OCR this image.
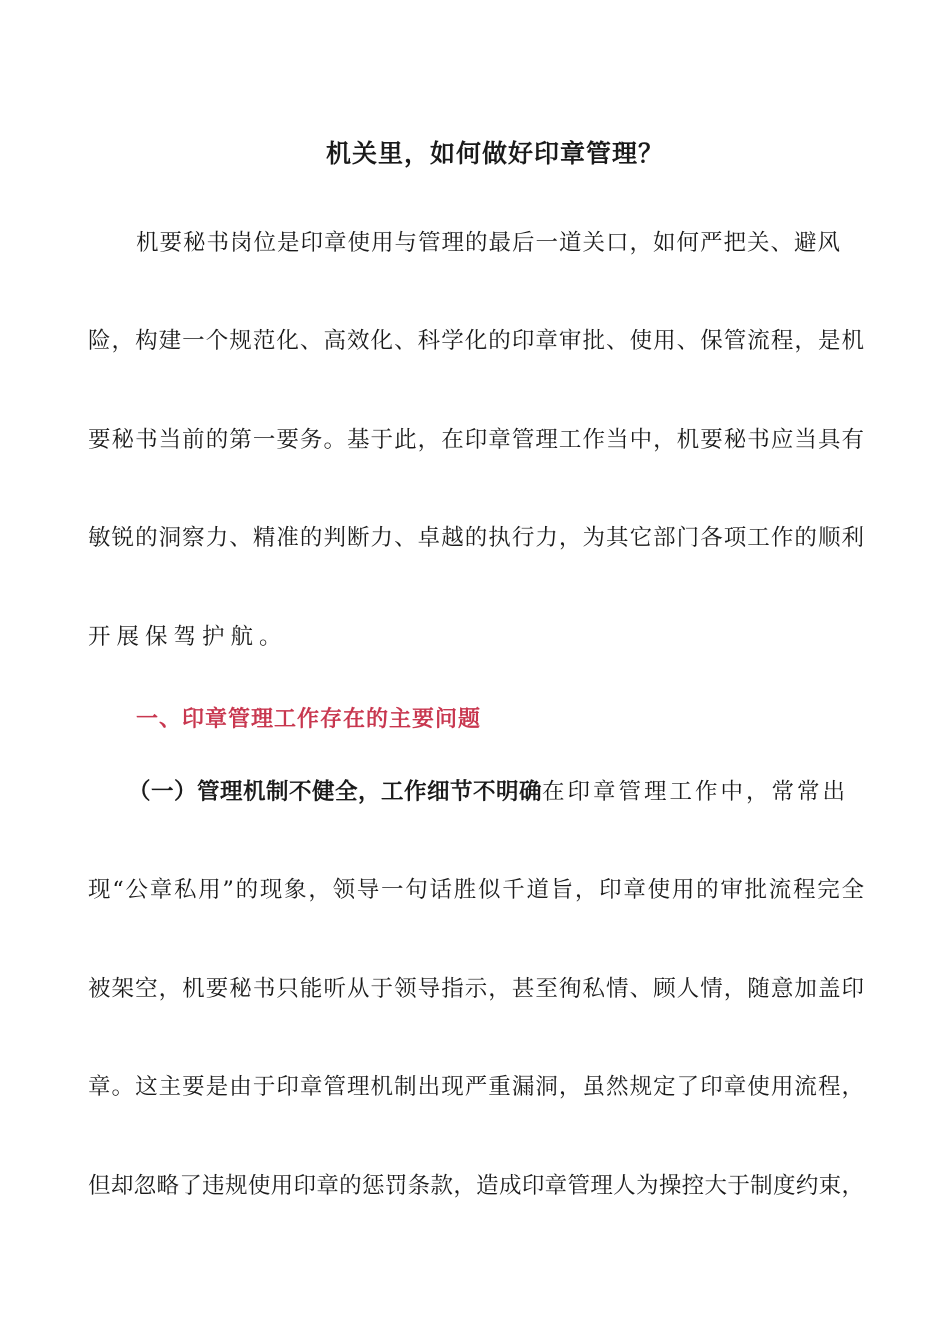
机关里，如何做好印章管理？
机要秘书岗位是印章使用与管理的最后一道关口，如何严把关、避风
险，构建一个规范化、高效化、科学化的印章审批、使用、保管流程，是机
要秘书当前的第一要务。基于此，在印章管理工作当中，机要秘书应当具有
敏锐的洞察力、精准的判断力、卓越的执行力，为其它部门各项工作的顺利
开展保驾护航。
一、印章管理工作存在的主要问题
（一）管理机制不健全，工作细节不明确 在印章管理工作中，常常出
现“公章私用”的现象，领导一句话胜似千道旨，印章使用的审批流程完全
被架空，机要秘书只能听从于领导指示，甚至徇私情、顾人情，随意加盖印
章。这主要是由于印章管理机制出现严重漏洞，虽然规定了印章使用流程，
但却忽略了违规使用印章的惩罚条款，造成印章管理人为操控大于制度约束，
